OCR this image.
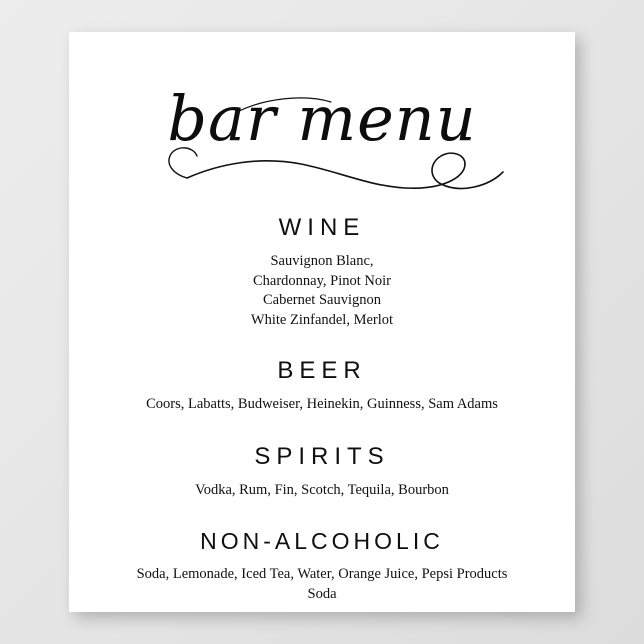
bar menu
WINE
Sauvignon Blanc,
Chardonnay, Pinot Noir
Cabernet Sauvignon
White Zinfandel, Merlot
BEER
Coors, Labatts, Budweiser, Heinekin, Guinness, Sam Adams
SPIRITS
Vodka, Rum, Fin, Scotch, Tequila, Bourbon
NON-ALCOHOLIC
Soda, Lemonade, Iced Tea, Water, Orange Juice, Pepsi Products
Soda
